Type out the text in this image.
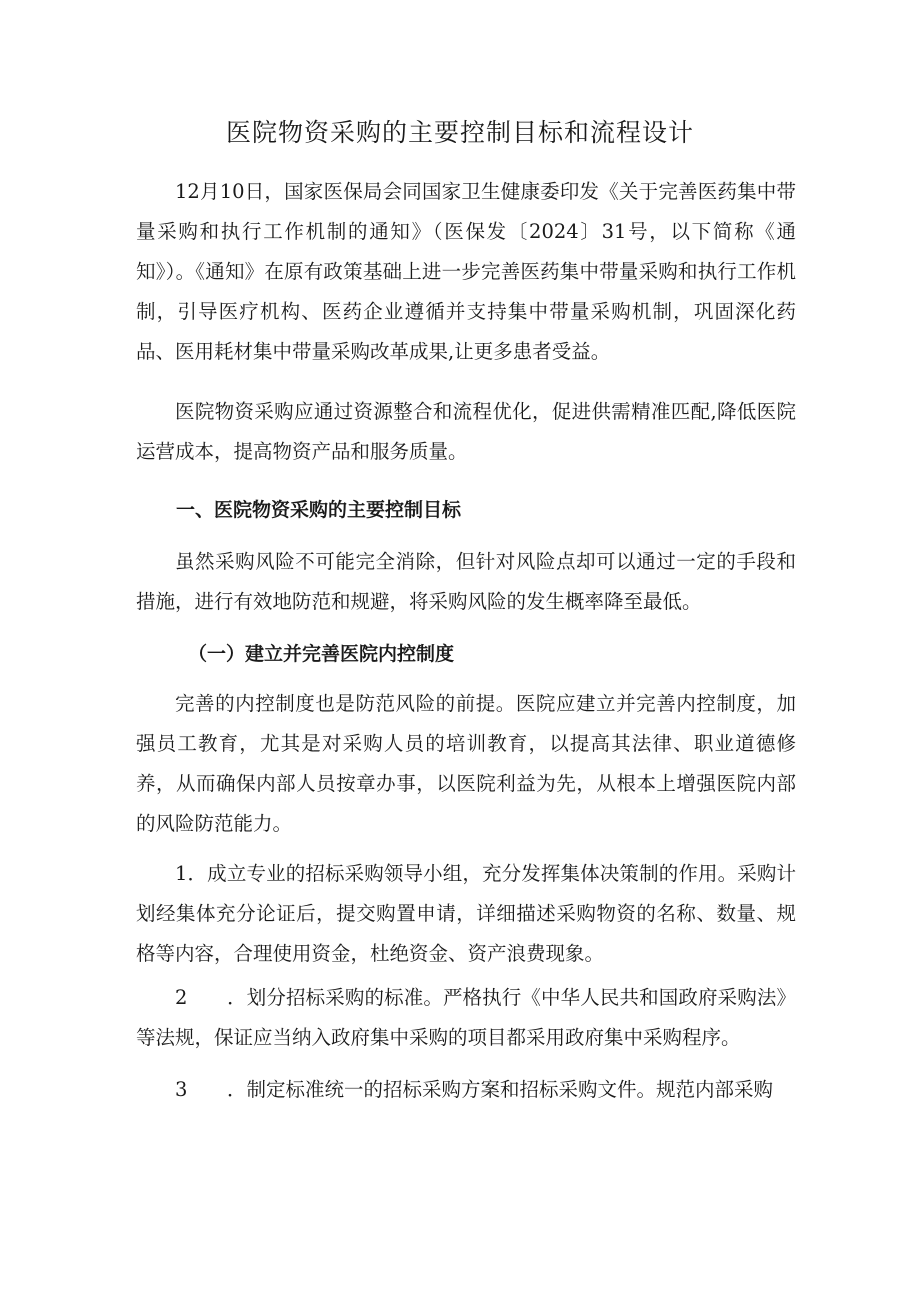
医院物资采购的主要控制目标和流程设计

12月10日，国家医保局会同国家卫生健康委印发《关于完善医药集中带量采购和执行工作机制的通知》（医保发〔2024〕31号，以下简称《通知》）。《通知》在原有政策基础上进一步完善医药集中带量采购和执行工作机制，引导医疗机构、医药企业遵循并支持集中带量采购机制，巩固深化药品、医用耗材集中带量采购改革成果,让更多患者受益。

医院物资采购应通过资源整合和流程优化，促进供需精准匹配,降低医院运营成本，提高物资产品和服务质量。

一、医院物资采购的主要控制目标

虽然采购风险不可能完全消除，但针对风险点却可以通过一定的手段和措施，进行有效地防范和规避，将采购风险的发生概率降至最低。

（一）建立并完善医院内控制度

完善的内控制度也是防范风险的前提。医院应建立并完善内控制度，加强员工教育，尤其是对采购人员的培训教育，以提高其法律、职业道德修养，从而确保内部人员按章办事，以医院利益为先，从根本上增强医院内部的风险防范能力。

1．成立专业的招标采购领导小组，充分发挥集体决策制的作用。采购计划经集体充分论证后，提交购置申请，详细描述采购物资的名称、数量、规格等内容，合理使用资金，杜绝资金、资产浪费现象。

2 ．划分招标采购的标准。严格执行《中华人民共和国政府采购法》等法规，保证应当纳入政府集中采购的项目都采用政府集中采购程序。

3 ．制定标准统一的招标采购方案和招标采购文件。规范内部采购
